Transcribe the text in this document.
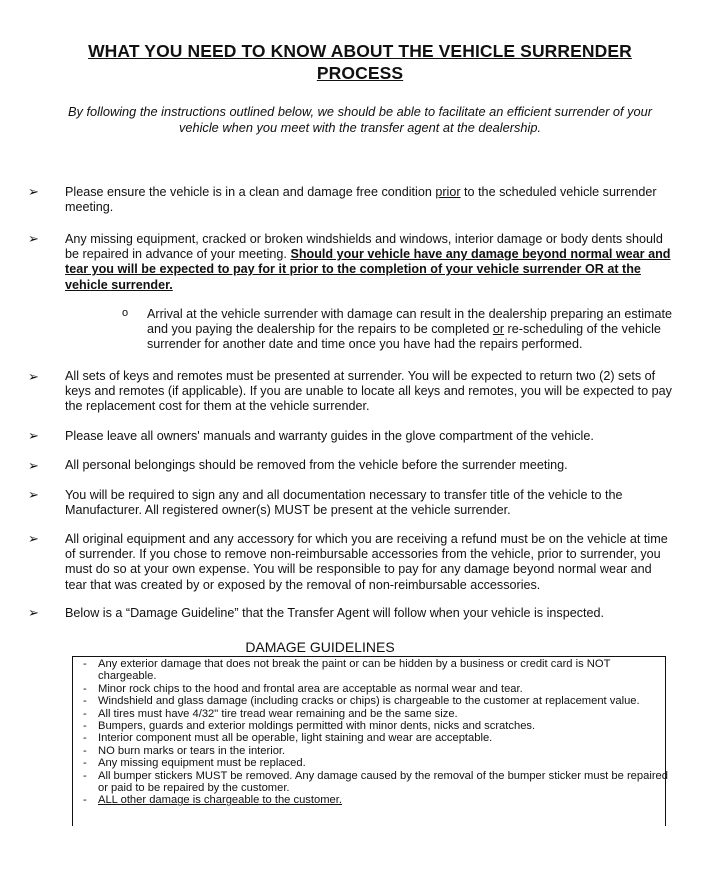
WHAT YOU NEED TO KNOW ABOUT THE VEHICLE SURRENDER
PROCESS
By following the instructions outlined below, we should be able to facilitate an efficient surrender of your vehicle when you meet with the transfer agent at the dealership.
➢ Please ensure the vehicle is in a clean and damage free condition prior to the scheduled vehicle surrender meeting.
➢ Any missing equipment, cracked or broken windshields and windows, interior damage or body dents should be repaired in advance of your meeting. Should your vehicle have any damage beyond normal wear and tear you will be expected to pay for it prior to the completion of your vehicle surrender OR at the vehicle surrender.
o Arrival at the vehicle surrender with damage can result in the dealership preparing an estimate and you paying the dealership for the repairs to be completed or re-scheduling of the vehicle surrender for another date and time once you have had the repairs performed.
➢ All sets of keys and remotes must be presented at surrender. You will be expected to return two (2) sets of keys and remotes (if applicable). If you are unable to locate all keys and remotes, you will be expected to pay the replacement cost for them at the vehicle surrender.
➢ Please leave all owners' manuals and warranty guides in the glove compartment of the vehicle.
➢ All personal belongings should be removed from the vehicle before the surrender meeting.
➢ You will be required to sign any and all documentation necessary to transfer title of the vehicle to the Manufacturer. All registered owner(s) MUST be present at the vehicle surrender.
➢ All original equipment and any accessory for which you are receiving a refund must be on the vehicle at time of surrender. If you chose to remove non-reimbursable accessories from the vehicle, prior to surrender, you must do so at your own expense. You will be responsible to pay for any damage beyond normal wear and tear that was created by or exposed by the removal of non-reimbursable accessories.
➢ Below is a “Damage Guideline” that the Transfer Agent will follow when your vehicle is inspected.
DAMAGE GUIDELINES
- Any exterior damage that does not break the paint or can be hidden by a business or credit card is NOT chargeable.
- Minor rock chips to the hood and frontal area are acceptable as normal wear and tear.
- Windshield and glass damage (including cracks or chips) is chargeable to the customer at replacement value.
- All tires must have 4/32" tire tread wear remaining and be the same size.
- Bumpers, guards and exterior moldings permitted with minor dents, nicks and scratches.
- Interior component must all be operable, light staining and wear are acceptable.
- NO burn marks or tears in the interior.
- Any missing equipment must be replaced.
- All bumper stickers MUST be removed. Any damage caused by the removal of the bumper sticker must be repaired or paid to be repaired by the customer.
- ALL other damage is chargeable to the customer.
